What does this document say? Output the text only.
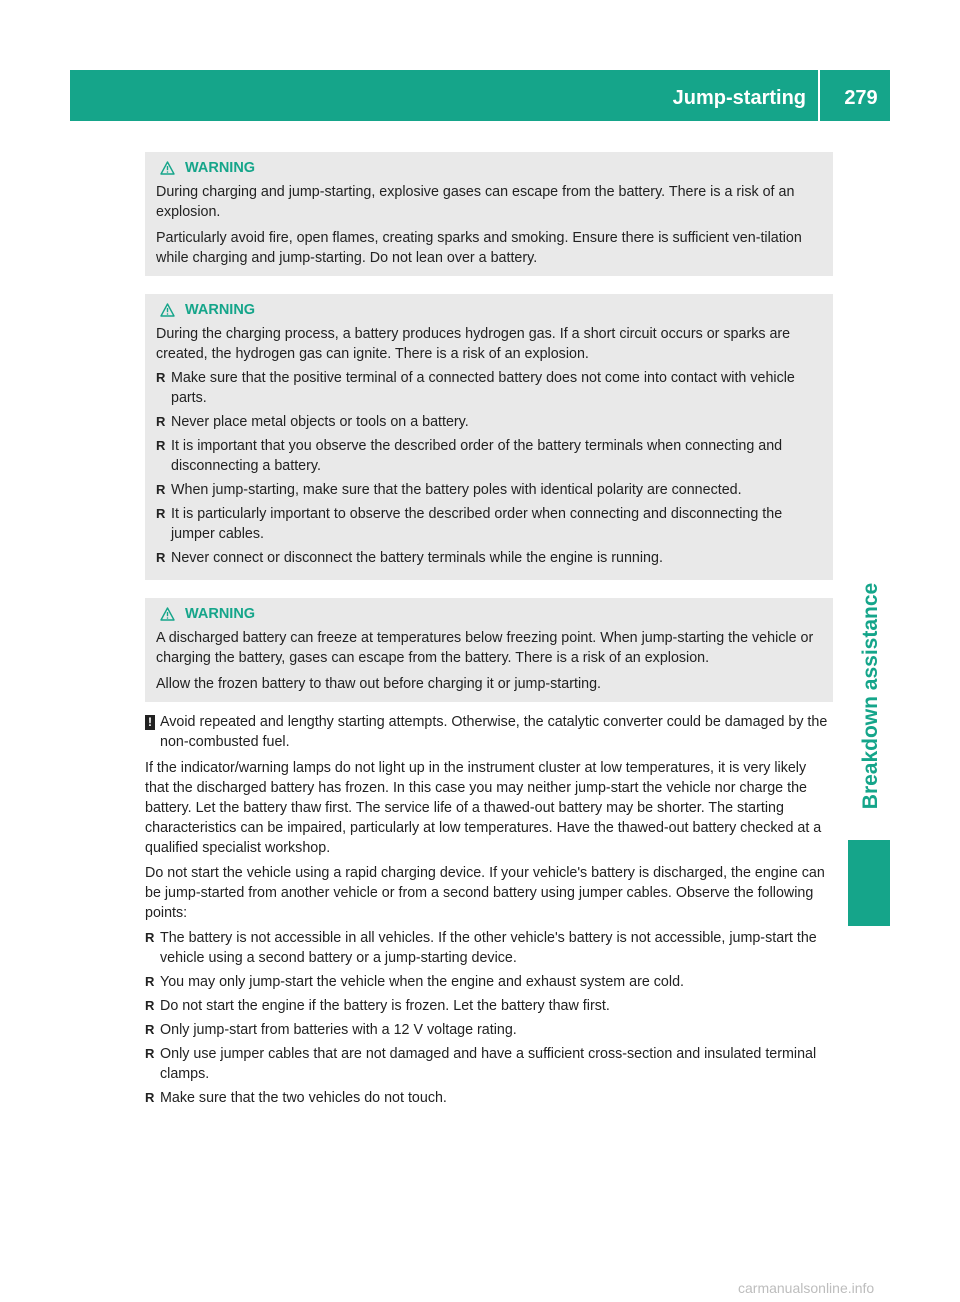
Jump-starting	279
Breakdown assistance
WARNING

During charging and jump-starting, explosive gases can escape from the battery. There is a risk of an explosion.

Particularly avoid fire, open flames, creating sparks and smoking. Ensure there is sufficient ven-tilation while charging and jump-starting. Do not lean over a battery.

WARNING

During the charging process, a battery produces hydrogen gas. If a short circuit occurs or sparks are created, the hydrogen gas can ignite. There is a risk of an explosion.

R Make sure that the positive terminal of a connected battery does not come into contact with vehicle parts.
R Never place metal objects or tools on a battery.
R It is important that you observe the described order of the battery terminals when connecting and disconnecting a battery.
R When jump-starting, make sure that the battery poles with identical polarity are connected.
R It is particularly important to observe the described order when connecting and disconnecting the jumper cables.
R Never connect or disconnect the battery terminals while the engine is running.
WARNING

A discharged battery can freeze at temperatures below freezing point. When jump-starting the vehicle or charging the battery, gases can escape from the battery. There is a risk of an explosion.

Allow the frozen battery to thaw out before charging it or jump-starting.

! Avoid repeated and lengthy starting attempts. Otherwise, the catalytic converter could be damaged by the non-combusted fuel.

If the indicator/warning lamps do not light up in the instrument cluster at low temperatures, it is very likely that the discharged battery has frozen. In this case you may neither jump-start the vehicle nor charge the battery. Let the battery thaw first. The service life of a thawed-out battery may be shorter. The starting characteristics can be impaired, particularly at low temperatures. Have the thawed-out battery checked at a qualified specialist workshop.

Do not start the vehicle using a rapid charging device. If your vehicle's battery is discharged, the engine can be jump-started from another vehicle or from a second battery using jumper cables. Observe the following points:

R The battery is not accessible in all vehicles. If the other vehicle's battery is not accessible, jump-start the vehicle using a second battery or a jump-starting device.
R You may only jump-start the vehicle when the engine and exhaust system are cold.
R Do not start the engine if the battery is frozen. Let the battery thaw first.
R Only jump-start from batteries with a 12 V voltage rating.
R Only use jumper cables that are not damaged and have a sufficient cross-section and insulated terminal clamps.
R Make sure that the two vehicles do not touch.
carmanualsonline.info
